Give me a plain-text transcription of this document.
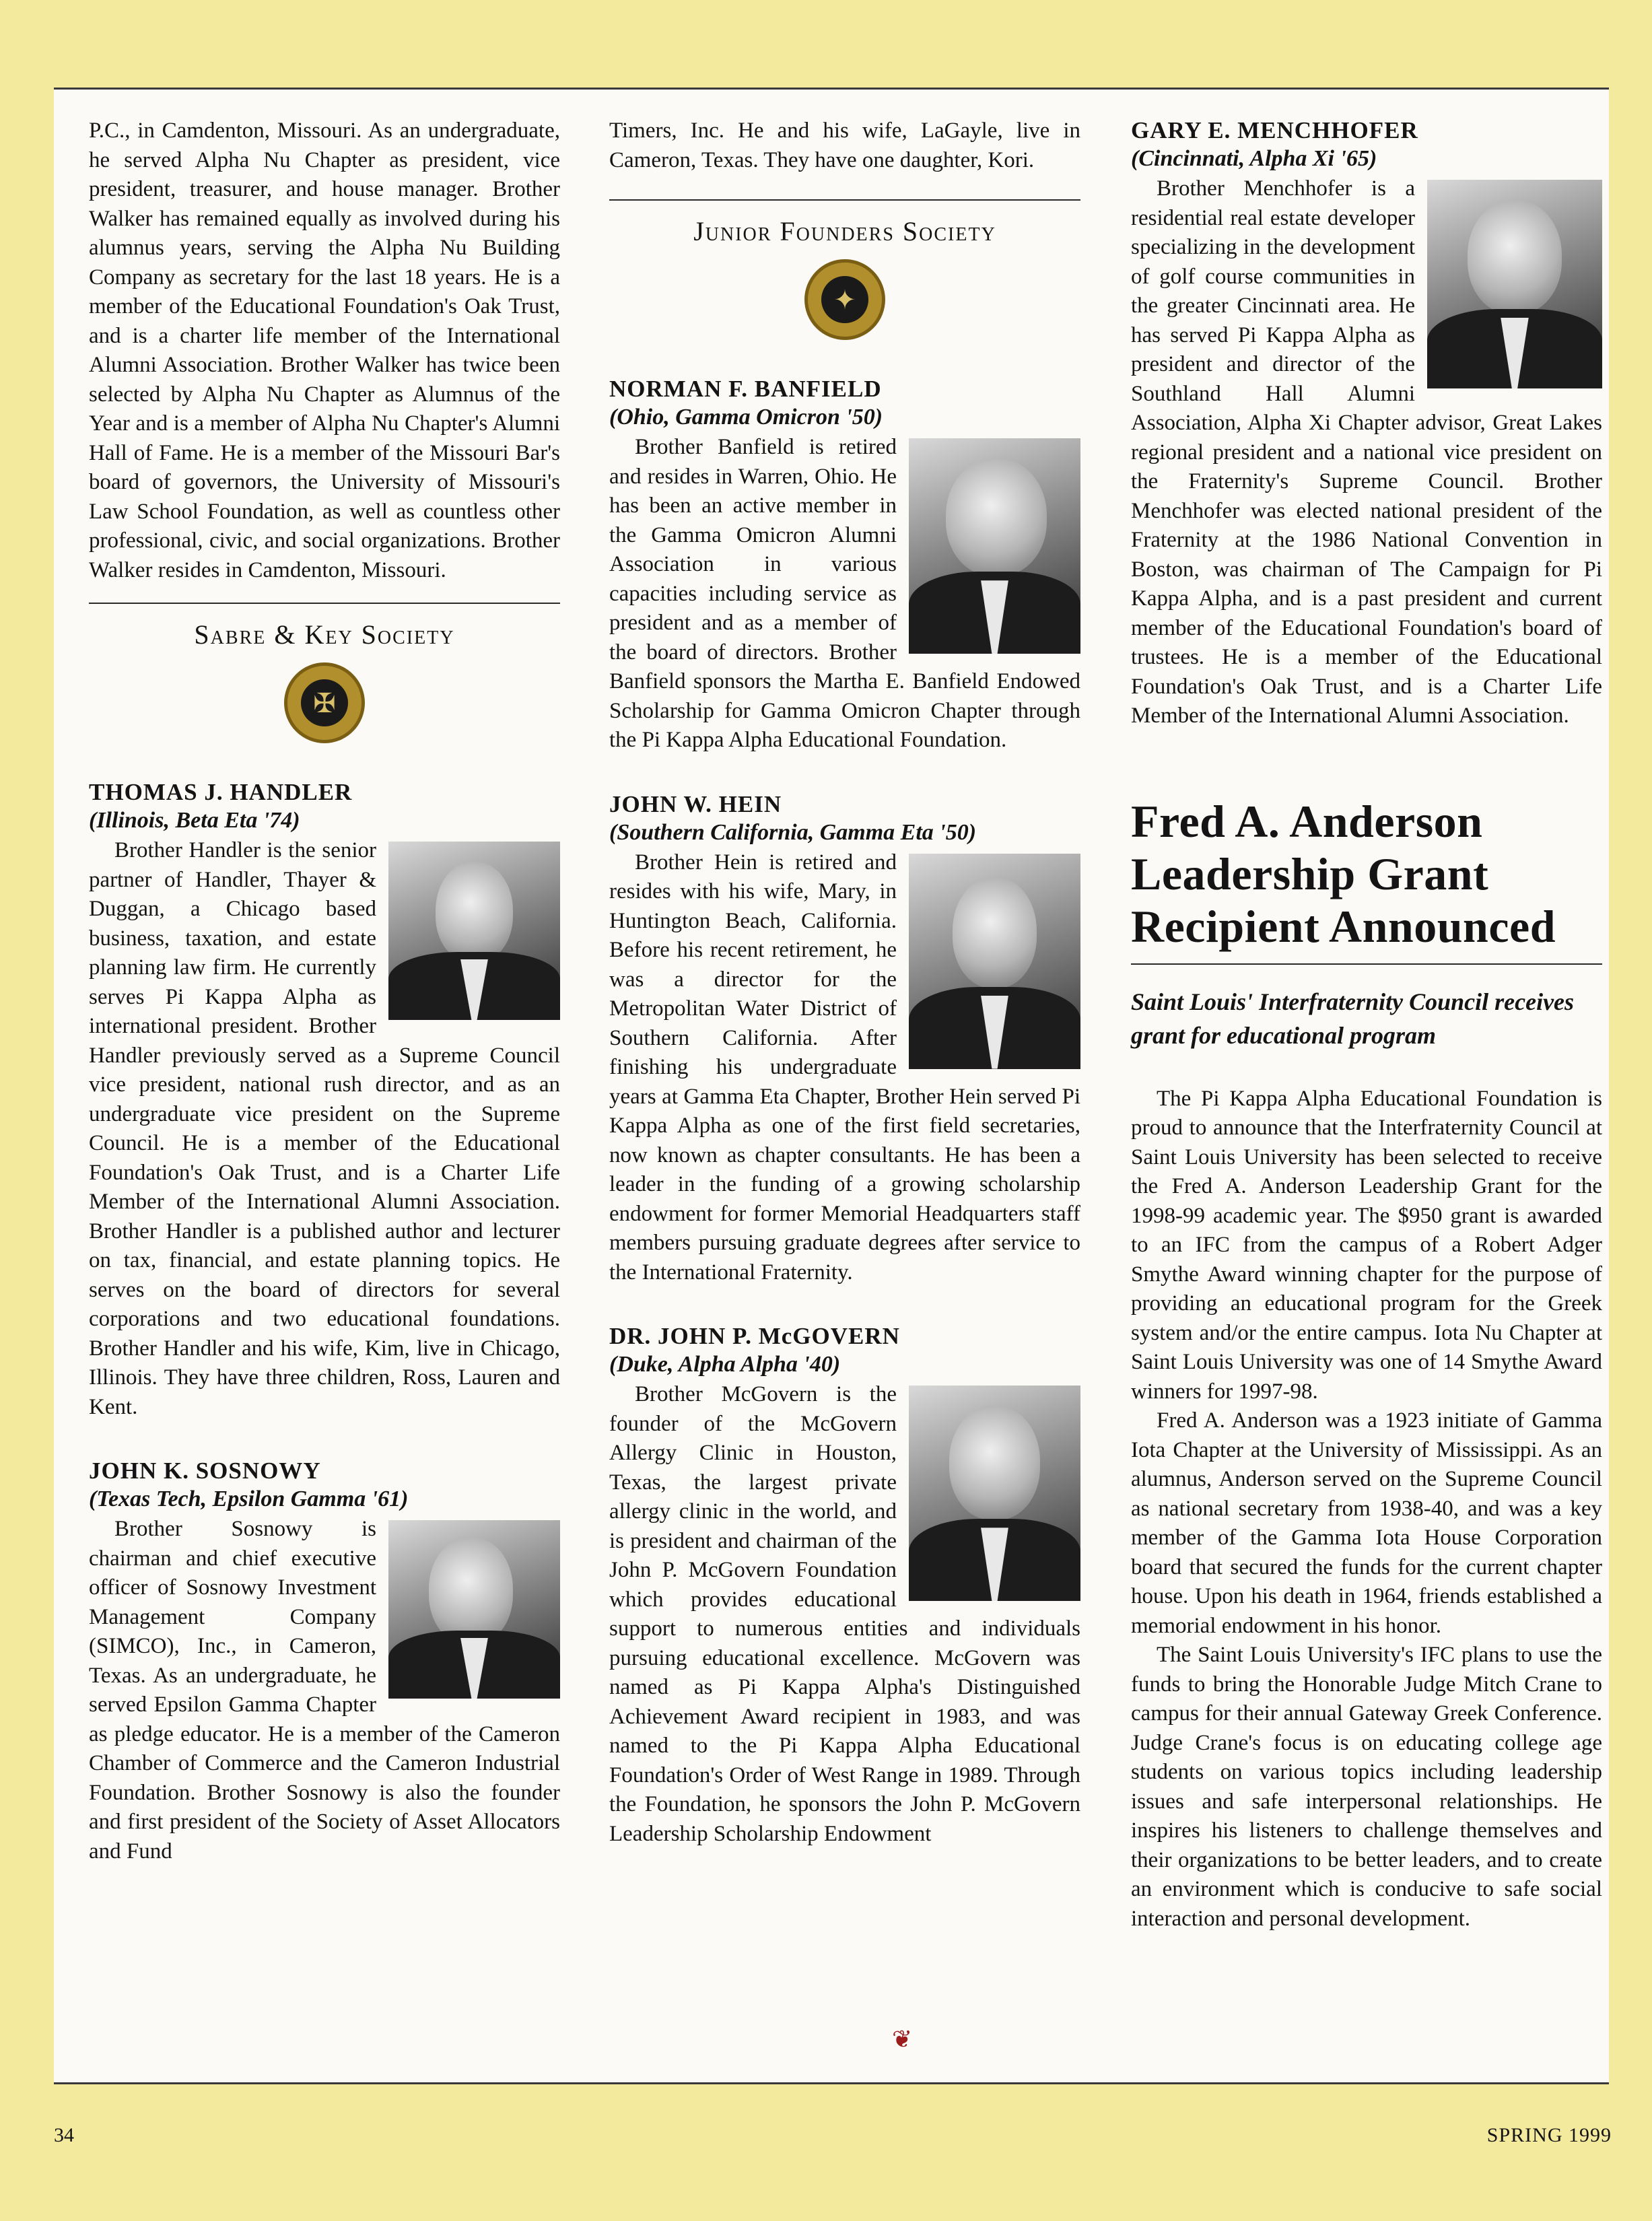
P.C., in Camdenton, Missouri. As an undergraduate, he served Alpha Nu Chapter as president, vice president, treasurer, and house manager. Brother Walker has remained equally as involved during his alumnus years, serving the Alpha Nu Building Company as secretary for the last 18 years. He is a member of the Educational Foundation's Oak Trust, and is a charter life member of the International Alumni Association. Brother Walker has twice been selected by Alpha Nu Chapter as Alumnus of the Year and is a member of Alpha Nu Chapter's Alumni Hall of Fame. He is a member of the Missouri Bar's board of governors, the University of Missouri's Law School Foundation, as well as countless other professional, civic, and social organizations. Brother Walker resides in Camdenton, Missouri.

Sabre & Key Society
✠
THOMAS J. HANDLER
(Illinois, Beta Eta '74)

Brother Handler is the senior partner of Handler, Thayer & Duggan, a Chicago based business, taxation, and estate planning law firm. He currently serves Pi Kappa Alpha as international president. Brother Handler previously served as a Supreme Council vice president, national rush director, and as an undergraduate vice president on the Supreme Council. He is a member of the Educational Foundation's Oak Trust, and is a Charter Life Member of the International Alumni Association. Brother Handler is a published author and lecturer on tax, financial, and estate planning topics. He serves on the board of directors for several corporations and two educational foundations. Brother Handler and his wife, Kim, live in Chicago, Illinois. They have three children, Ross, Lauren and Kent.

JOHN K. SOSNOWY
(Texas Tech, Epsilon Gamma '61)

Brother Sosnowy is chairman and chief executive officer of Sosnowy Investment Management Company (SIMCO), Inc., in Cameron, Texas. As an undergraduate, he served Epsilon Gamma Chapter as pledge educator. He is a member of the Cameron Chamber of Commerce and the Cameron Industrial Foundation. Brother Sosnowy is also the founder and first president of the Society of Asset Allocators and Fund

Timers, Inc. He and his wife, LaGayle, live in Cameron, Texas. They have one daughter, Kori.

Junior Founders Society
✦
NORMAN F. BANFIELD
(Ohio, Gamma Omicron '50)

Brother Banfield is retired and resides in Warren, Ohio. He has been an active member in the Gamma Omicron Alumni Association in various capacities including service as president and as a member of the board of directors. Brother Banfield sponsors the Martha E. Banfield Endowed Scholarship for Gamma Omicron Chapter through the Pi Kappa Alpha Educational Foundation.

JOHN W. HEIN
(Southern California, Gamma Eta '50)

Brother Hein is retired and resides with his wife, Mary, in Huntington Beach, California. Before his recent retirement, he was a director for the Metropolitan Water District of Southern California. After finishing his undergraduate years at Gamma Eta Chapter, Brother Hein served Pi Kappa Alpha as one of the first field secretaries, now known as chapter consultants. He has been a leader in the funding of a growing scholarship endowment for former Memorial Headquarters staff members pursuing graduate degrees after service to the International Fraternity.

DR. JOHN P. McGOVERN
(Duke, Alpha Alpha '40)

Brother McGovern is the founder of the McGovern Allergy Clinic in Houston, Texas, the largest private allergy clinic in the world, and is president and chairman of the John P. McGovern Foundation which provides educational support to numerous entities and individuals pursuing educational excellence. McGovern was named as Pi Kappa Alpha's Distinguished Achievement Award recipient in 1983, and was named to the Pi Kappa Alpha Educational Foundation's Order of West Range in 1989. Through the Foundation, he sponsors the John P. McGovern Leadership Scholarship Endowment

GARY E. MENCHHOFER
(Cincinnati, Alpha Xi '65)

Brother Menchhofer is a residential real estate developer specializing in the development of golf course communities in the greater Cincinnati area. He has served Pi Kappa Alpha as president and director of the Southland Hall Alumni Association, Alpha Xi Chapter advisor, Great Lakes regional president and a national vice president on the Fraternity's Supreme Council. Brother Menchhofer was elected national president of the Fraternity at the 1986 National Convention in Boston, was chairman of The Campaign for Pi Kappa Alpha, and is a past president and current member of the Educational Foundation's board of trustees. He is a member of the Educational Foundation's Oak Trust, and is a Charter Life Member of the International Alumni Association.

Fred A. Anderson Leadership Grant Recipient Announced
Saint Louis' Interfraternity Council receives grant for educational program

The Pi Kappa Alpha Educational Foundation is proud to announce that the Interfraternity Council at Saint Louis University has been selected to receive the Fred A. Anderson Leadership Grant for the 1998-99 academic year. The $950 grant is awarded to an IFC from the campus of a Robert Adger Smythe Award winning chapter for the purpose of providing an educational program for the Greek system and/or the entire campus. Iota Nu Chapter at Saint Louis University was one of 14 Smythe Award winners for 1997-98.

Fred A. Anderson was a 1923 initiate of Gamma Iota Chapter at the University of Mississippi. As an alumnus, Anderson served on the Supreme Council as national secretary from 1938-40, and was a key member of the Gamma Iota House Corporation board that secured the funds for the current chapter house. Upon his death in 1964, friends established a memorial endowment in his honor.

The Saint Louis University's IFC plans to use the funds to bring the Honorable Judge Mitch Crane to campus for their annual Gateway Greek Conference. Judge Crane's focus is on educating college age students on various topics including leadership issues and safe interpersonal relationships. He inspires his listeners to challenge themselves and their organizations to be better leaders, and to create an environment which is conducive to safe social interaction and personal development.

❦
34	SPRING 1999
